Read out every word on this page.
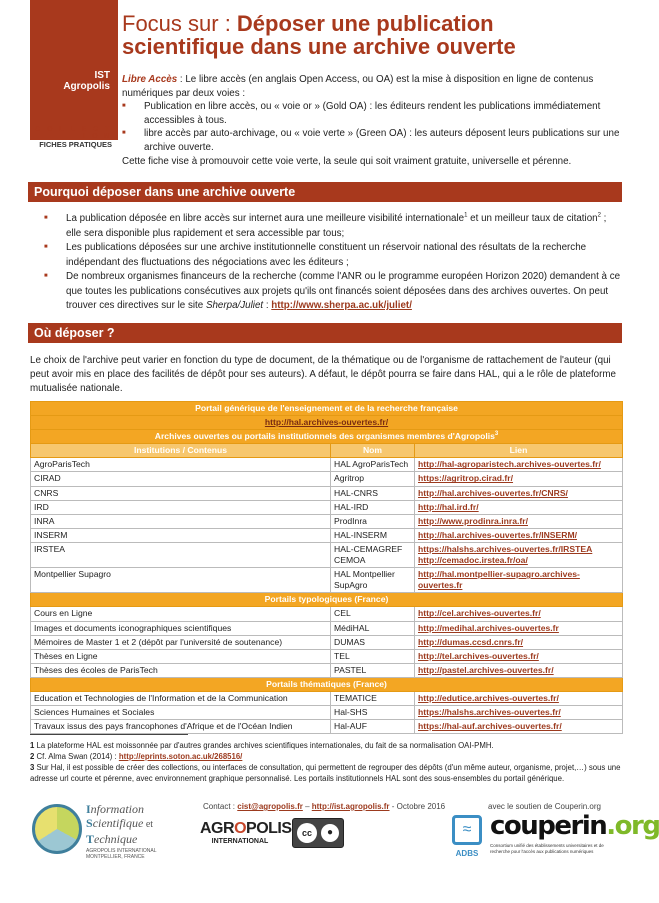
IST
Agropolis
C O L L E C T I O N
FICHES PRATIQUES
Focus sur : Déposer une publication
scientifique dans une archive ouverte
Libre Accès : Le libre accès (en anglais Open Access, ou OA) est la mise à disposition en ligne de contenus numériques par deux voies :
■ Publication en libre accès, ou « voie or » (Gold OA) : les éditeurs rendent les publications immédiatement accessibles à tous.
■ libre accès par auto-archivage, ou « voie verte » (Green OA) : les auteurs déposent leurs publications sur une archive ouverte.
Cette fiche vise à promouvoir cette voie verte, la seule qui soit vraiment gratuite, universelle et pérenne.
Pourquoi déposer dans une archive ouverte
■ La publication déposée en libre accès sur internet aura une meilleure visibilité internationale$^1$ et un meilleur taux de citation$^2$ ; elle sera disponible plus rapidement et sera accessible par tous;
■ Les publications déposées sur une archive institutionnelle constituent un réservoir national des résultats de la recherche indépendant des fluctuations des négociations avec les éditeurs ;
■ De nombreux organismes financeurs de la recherche (comme l'ANR ou le programme européen Horizon 2020) demandent à ce que toutes les publications consécutives aux projets qu'ils ont financés soient déposées dans des archives ouvertes. On peut trouver ces directives sur le site Sherpa/Juliet : http://www.sherpa.ac.uk/juliet/
Où déposer ?
Le choix de l'archive peut varier en fonction du type de document, de la thématique ou de l'organisme de rattachement de l'auteur (qui peut avoir mis en place des facilités de dépôt pour ses auteurs). A défaut, le dépôt pourra se faire dans HAL, qui a le rôle de plateforme mutualisée nationale.
Portail générique de l'enseignement et de la recherche française		
http://hal.archives-ouvertes.fr/		
Archives ouvertes ou portails institutionnels des organismes membres d'Agropolis$^3$
Institutions / Contenus	Nom	Lien
AgroParisTech	HAL AgroParisTech	http://hal-agroparistech.archives-ouvertes.fr/
CIRAD	Agritrop	https://agritrop.cirad.fr/
CNRS	HAL-CNRS	http://hal.archives-ouvertes.fr/CNRS/
IRD	HAL-IRD	http://hal.ird.fr/
INRA	ProdInra	http://www.prodinra.inra.fr/
INSERM	HAL-INSERM	http://hal.archives-ouvertes.fr/INSERM/
IRSTEA	HAL-CEMAGREF CEMOA	https://halshs.archives-ouvertes.fr/IRSTEA http://cemadoc.irstea.fr/oa/
Montpellier Supagro	HAL Montpellier SupAgro	http://hal.montpellier-supagro.archives-ouvertes.fr
Portails typologiques (France)		
Cours en Ligne	CEL	http://cel.archives-ouvertes.fr/
Images et documents iconographiques scientifiques	MédiHAL	http://medihal.archives-ouvertes.fr
Mémoires de Master 1 et 2 (dépôt par l'université de soutenance)	DUMAS	http://dumas.ccsd.cnrs.fr/
Thèses en Ligne	TEL	http://tel.archives-ouvertes.fr/
Thèses des écoles de ParisTech	PASTEL	http://pastel.archives-ouvertes.fr/
Portails thématiques (France)		
Education et Technologies de l'Information et de la Communication	TEMATICE	http://edutice.archives-ouvertes.fr/
Sciences Humaines et Sociales	Hal-SHS	https://halshs.archives-ouvertes.fr/
Travaux issus des pays francophones d'Afrique et de l'Océan Indien	Hal-AUF	https://hal-auf.archives-ouvertes.fr/
1 La plateforme HAL est moissonnée par d'autres grandes archives scientifiques internationales, du fait de sa normalisation OAI-PMH.
2 Cf. Alma Swan (2014) : http://eprints.soton.ac.uk/268516/
3 Sur Hal, il est possible de créer des collections, ou interfaces de consultation, qui permettent de regrouper des dépôts (d'un même auteur, organisme, projet,…) sous une adresse url courte et pérenne, avec environnement graphique personnalisé. Les portails institutionnels HAL sont des sous-ensembles du portail générique.
Information
Scientifique et
Technique
AGROPOLIS INTERNATIONAL MONTPELLIER, FRANCE
Contact : cist@agropolis.fr – http://ist.agropolis.fr - Octobre 2016
AGROPOLIS
INTERNATIONAL
cc	●
avec le soutien de Couperin.org
≈
ADBS
couperin.org
Consortium unifié des établissements universitaires et de recherche pour l'accès aux publications numériques
